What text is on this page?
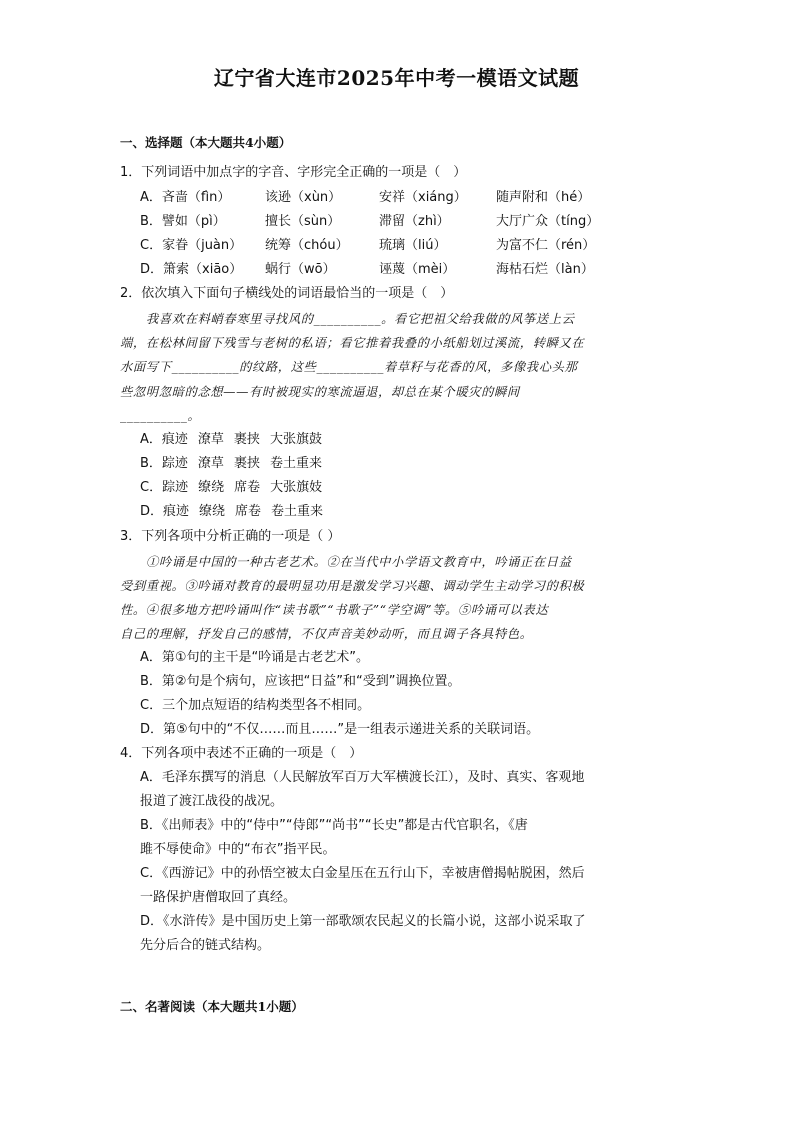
辽宁省大连市2025年中考一模语文试题
一、选择题（本大题共4小题）
1．下列词语中加点字的字音、字形完全正确的一项是（　）
A．吝啬（fìn）	该逊（xùn）	安祥（xiáng） 随声附和（hé）
B．譬如（pì）	擅长（sùn）	滞留（zhì）	大厅广众（tíng）
C．家眷（juàn） 统筹（chóu） 琉璃（liú）	为富不仁（rén）
D．箫索（xiāo） 蜗行（wō）	诬蔑（mèi）	海枯石烂（làn）
2．依次填入下面句子横线处的词语最恰当的一项是（　）
我喜欢在料峭春寒里寻找风的__________。看它把祖父给我做的风筝送上云
端，在松林间留下残雪与老树的私语；看它推着我叠的小纸船划过溪流，转瞬又在
水面写下__________的纹路，这些__________着草籽与花香的风，多像我心头那
些忽明忽暗的念想——有时被现实的寒流逼退，却总在某个暖灾的瞬间
__________。
A．痕迹 潦草 裹挟 大张旗鼓
B．踪迹 潦草 裹挟 卷土重来
C．踪迹 缭绕 席卷 大张旗妓
D．痕迹 缭绕 席卷 卷土重来
3．下列各项中分析正确的一项是（ ）
①吟诵是中国的一种古老艺术。②在当代中小学语文教育中，吟诵正在日益
受到重视。③吟诵对教育的最明显功用是激发学习兴趣、调动学生主动学习的积极
性。④很多地方把吟诵叫作“读书歌”“书歌子”“学空调”等。⑤吟诵可以表达
自己的理解，抒发自己的感情，不仅声音美妙动听，而且调子各具特色。
A．第①句的主干是“吟诵是古老艺术”。
B．第②句是个病句，应该把“日益”和“受到”调换位置。
C．三个加点短语的结构类型各不相同。
D．第⑤句中的“不仅……而且……”是一组表示递进关系的关联词语。
4．下列各项中表述不正确的一项是（　）
A．毛泽东撰写的消息（人民解放军百万大军横渡长江），及时、真实、客观地
报道了渡江战役的战况。
B．《出师表》中的“侍中”“侍郎”“尚书”“长史”都是古代官职名，《唐
雎不辱使命》中的“布衣”指平民。
C．《西游记》中的孙悟空被太白金星压在五行山下，幸被唐僧揭帖脱困，然后
一路保护唐僧取回了真经。
D．《水浒传》是中国历史上第一部歌颂农民起义的长篇小说，这部小说采取了
先分后合的链式结构。
二、名著阅读（本大题共1小题）
